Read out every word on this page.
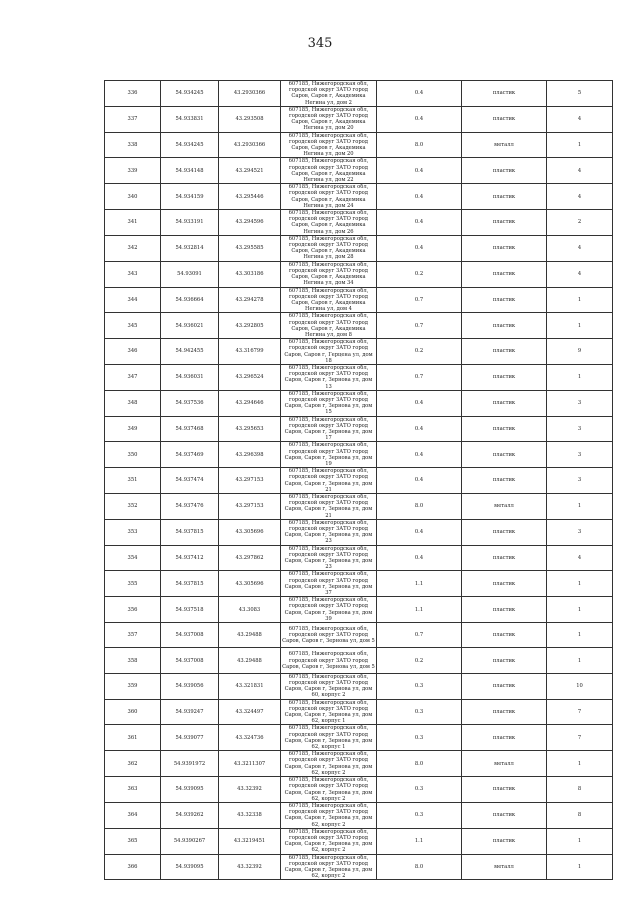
345
336	54.934245	43.2930366	607185, Нижегородская обл, городской округ ЗАТО город Саров, Саров г, Академика Негина ул, дом 2	0.4	пластик	5
337	54.933831	43.293508	607185, Нижегородская обл, городской округ ЗАТО город Саров, Саров г, Академика Негина ул, дом 20	0.4	пластик	4
338	54.934245	43.2930366	607185, Нижегородская обл, городской округ ЗАТО город Саров, Саров г, Академика Негина ул, дом 20	8.0	металл	1
339	54.934148	43.294521	607185, Нижегородская обл, городской округ ЗАТО город Саров, Саров г, Академика Негина ул, дом 22	0.4	пластик	4
340	54.934159	43.295446	607185, Нижегородская обл, городской округ ЗАТО город Саров, Саров г, Академика Негина ул, дом 24	0.4	пластик	4
341	54.933191	43.294596	607185, Нижегородская обл, городской округ ЗАТО город Саров, Саров г, Академика Негина ул, дом 26	0.4	пластик	2
342	54.932814	43.295585	607185, Нижегородская обл, городской округ ЗАТО город Саров, Саров г, Академика Негина ул, дом 28	0.4	пластик	4
343	54.93091	43.303186	607185, Нижегородская обл, городской округ ЗАТО город Саров, Саров г, Академика Негина ул, дом 34	0.2	пластик	4
344	54.936664	43.294278	607185, Нижегородская обл, городской округ ЗАТО город Саров, Саров г, Академика Негина ул, дом 4	0.7	пластик	1
345	54.936021	43.292805	607185, Нижегородская обл, городской округ ЗАТО город Саров, Саров г, Академика Негина ул, дом 8	0.7	пластик	1
346	54.942455	43.316799	607185, Нижегородская обл, городской округ ЗАТО город Саров, Саров г, Герцена ул, дом 18	0.2	пластик	9
347	54.936031	43.296524	607185, Нижегородская обл, городской округ ЗАТО город Саров, Саров г, Зернова ул, дом 13	0.7	пластик	1
348	54.937536	43.294646	607185, Нижегородская обл, городской округ ЗАТО город Саров, Саров г, Зернова ул, дом 15	0.4	пластик	3
349	54.937468	43.295653	607185, Нижегородская обл, городской округ ЗАТО город Саров, Саров г, Зернова ул, дом 17	0.4	пластик	3
350	54.937469	43.296398	607185, Нижегородская обл, городской округ ЗАТО город Саров, Саров г, Зернова ул, дом 19	0.4	пластик	3
351	54.937474	43.297153	607185, Нижегородская обл, городской округ ЗАТО город Саров, Саров г, Зернова ул, дом 21	0.4	пластик	3
352	54.937476	43.297153	607185, Нижегородская обл, городской округ ЗАТО город Саров, Саров г, Зернова ул, дом 21	8.0	металл	1
353	54.937815	43.305696	607185, Нижегородская обл, городской округ ЗАТО город Саров, Саров г, Зернова ул, дом 23	0.4	пластик	3
354	54.937412	43.297862	607185, Нижегородская обл, городской округ ЗАТО город Саров, Саров г, Зернова ул, дом 23	0.4	пластик	4
355	54.937815	43.305696	607185, Нижегородская обл, городской округ ЗАТО город Саров, Саров г, Зернова ул, дом 37	1.1	пластик	1
356	54.937518	43.3083	607185, Нижегородская обл, городской округ ЗАТО город Саров, Саров г, Зернова ул, дом 39	1.1	пластик	1
357	54.937008	43.29488	607185, Нижегородская обл, городской округ ЗАТО город Саров, Саров г, Зернова ул, дом 5	0.7	пластик	1
358	54.937008	43.29488	607185, Нижегородская обл, городской округ ЗАТО город Саров, Саров г, Зернова ул, дом 5	0.2	пластик	1
359	54.939056	43.321831	607185, Нижегородская обл, городской округ ЗАТО город Саров, Саров г, Зернова ул, дом 60, корпус 2	0.3	пластик	10
360	54.939247	43.324497	607185, Нижегородская обл, городской округ ЗАТО город Саров, Саров г, Зернова ул, дом 62, корпус 1	0.3	пластик	7
361	54.939077	43.324736	607185, Нижегородская обл, городской округ ЗАТО город Саров, Саров г, Зернова ул, дом 62, корпус 1	0.3	пластик	7
362	54.9391972	43.3211307	607185, Нижегородская обл, городской округ ЗАТО город Саров, Саров г, Зернова ул, дом 62, корпус 2	8.0	металл	1
363	54.939095	43.32392	607185, Нижегородская обл, городской округ ЗАТО город Саров, Саров г, Зернова ул, дом 62, корпус 2	0.3	пластик	8
364	54.939262	43.32338	607185, Нижегородская обл, городской округ ЗАТО город Саров, Саров г, Зернова ул, дом 62, корпус 2	0.3	пластик	8
365	54.9390267	43.3219451	607185, Нижегородская обл, городской округ ЗАТО город Саров, Саров г, Зернова ул, дом 62, корпус 2	1.1	пластик	1
366	54.939095	43.32392	607185, Нижегородская обл, городской округ ЗАТО город Саров, Саров г, Зернова ул, дом 62, корпус 2	8.0	металл	1
